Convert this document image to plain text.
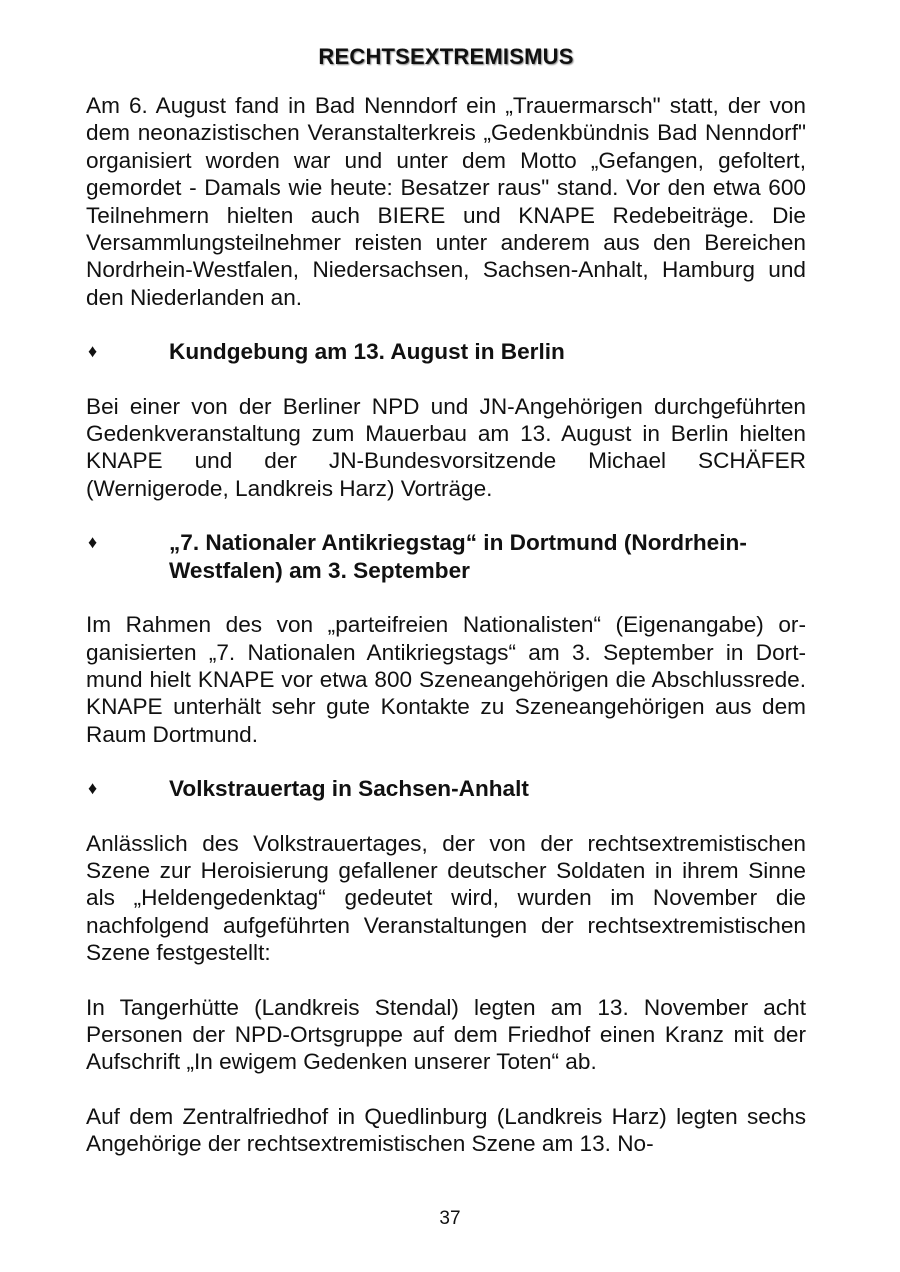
RECHTSEXTREMISMUS

Am 6. August fand in Bad Nenndorf ein „Trauermarsch" statt, der von dem neonazistischen Veranstalterkreis „Gedenkbündnis Bad Nenndorf" organisiert worden war und unter dem Motto „Gefangen, gefoltert, gemordet - Damals wie heute: Besatzer raus" stand. Vor den etwa 600 Teilnehmern hielten auch BIERE und KNAPE Redebeiträge. Die Versammlungsteilnehmer reisten unter anderem aus den Bereichen Nordrhein-Westfalen, Niedersachsen, Sachsen-Anhalt, Hamburg und den Niederlanden an.

♦	Kundgebung am 13. August in Berlin

Bei einer von der Berliner NPD und JN-Angehörigen durchgeführten Gedenkveranstaltung zum Mauerbau am 13. August in Berlin hielten KNAPE und der JN-Bundesvorsitzende Michael SCHÄFER (Wernigerode, Landkreis Harz) Vorträge.

♦	„7. Nationaler Antikriegstag“ in Dortmund (Nordrhein-Westfalen) am 3. September

Im Rahmen des von „parteifreien Nationalisten“ (Eigenangabe) organisierten „7. Nationalen Antikriegstags“ am 3. September in Dortmund hielt KNAPE vor etwa 800 Szeneangehörigen die Abschlussrede. KNAPE unterhält sehr gute Kontakte zu Szeneangehörigen aus dem Raum Dortmund.

♦	Volkstrauertag in Sachsen-Anhalt

Anlässlich des Volkstrauertages, der von der rechtsextremistischen Szene zur Heroisierung gefallener deutscher Soldaten in ihrem Sinne als „Heldengedenktag“ gedeutet wird, wurden im November die nachfolgend aufgeführten Veranstaltungen der rechtsextremistischen Szene festgestellt:

In Tangerhütte (Landkreis Stendal) legten am 13. November acht Personen der NPD-Ortsgruppe auf dem Friedhof einen Kranz mit der Aufschrift „In ewigem Gedenken unserer Toten“ ab.

Auf dem Zentralfriedhof in Quedlinburg (Landkreis Harz) legten sechs Angehörige der rechtsextremistischen Szene am 13. No-

37
